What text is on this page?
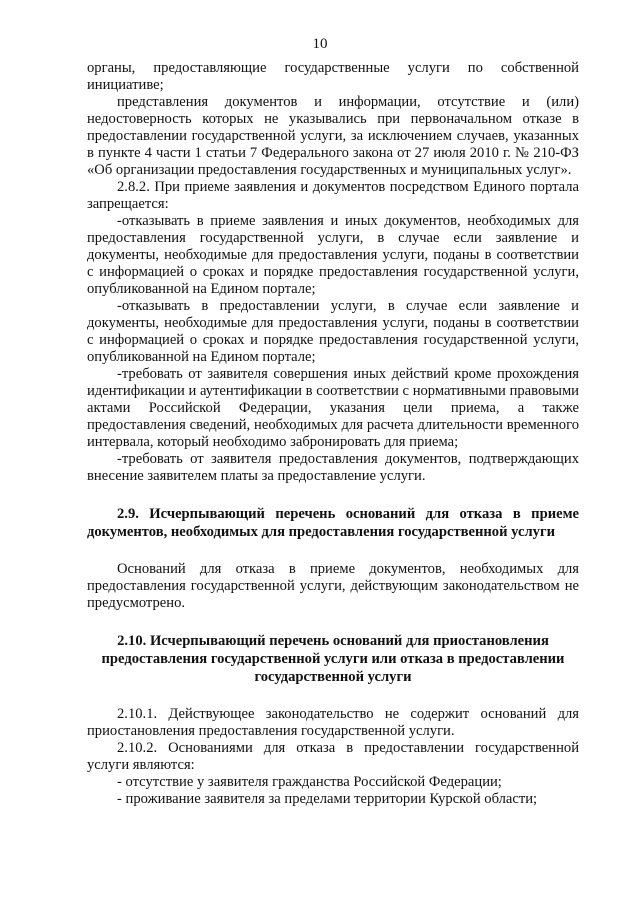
10

органы, предоставляющие государственные услуги по собственной инициативе;

представления документов и информации, отсутствие и (или) недостоверность которых не указывались при первоначальном отказе в предоставлении государственной услуги, за исключением случаев, указанных в пункте 4 части 1 статьи 7 Федерального закона от 27 июля 2010 г. № 210-ФЗ «Об организации предоставления государственных и муниципальных услуг».

2.8.2. При приеме заявления и документов посредством Единого портала запрещается:

-отказывать в приеме заявления и иных документов, необходимых для предоставления государственной услуги, в случае если заявление и документы, необходимые для предоставления услуги, поданы в соответствии с информацией о сроках и порядке предоставления государственной услуги, опубликованной на Едином портале;

-отказывать в предоставлении услуги, в случае если заявление и документы, необходимые для предоставления услуги, поданы в соответствии с информацией о сроках и порядке предоставления государственной услуги, опубликованной на Едином портале;

-требовать от заявителя совершения иных действий кроме прохождения идентификации и аутентификации в соответствии с нормативными правовыми актами Российской Федерации, указания цели приема, а также предоставления сведений, необходимых для расчета длительности временного интервала, который необходимо забронировать для приема;

-требовать от заявителя предоставления документов, подтверждающих внесение заявителем платы за предоставление услуги.

2.9. Исчерпывающий перечень оснований для отказа в приеме документов, необходимых для предоставления государственной услуги

Оснований для отказа в приеме документов, необходимых для предоставления государственной услуги, действующим законодательством не предусмотрено.

2.10. Исчерпывающий перечень оснований для приостановления предоставления государственной услуги или отказа в предоставлении государственной услуги

2.10.1. Действующее законодательство не содержит оснований для приостановления предоставления государственной услуги.

2.10.2. Основаниями для отказа в предоставлении государственной услуги являются:

- отсутствие у заявителя гражданства Российской Федерации;

- проживание заявителя за пределами территории Курской области;
